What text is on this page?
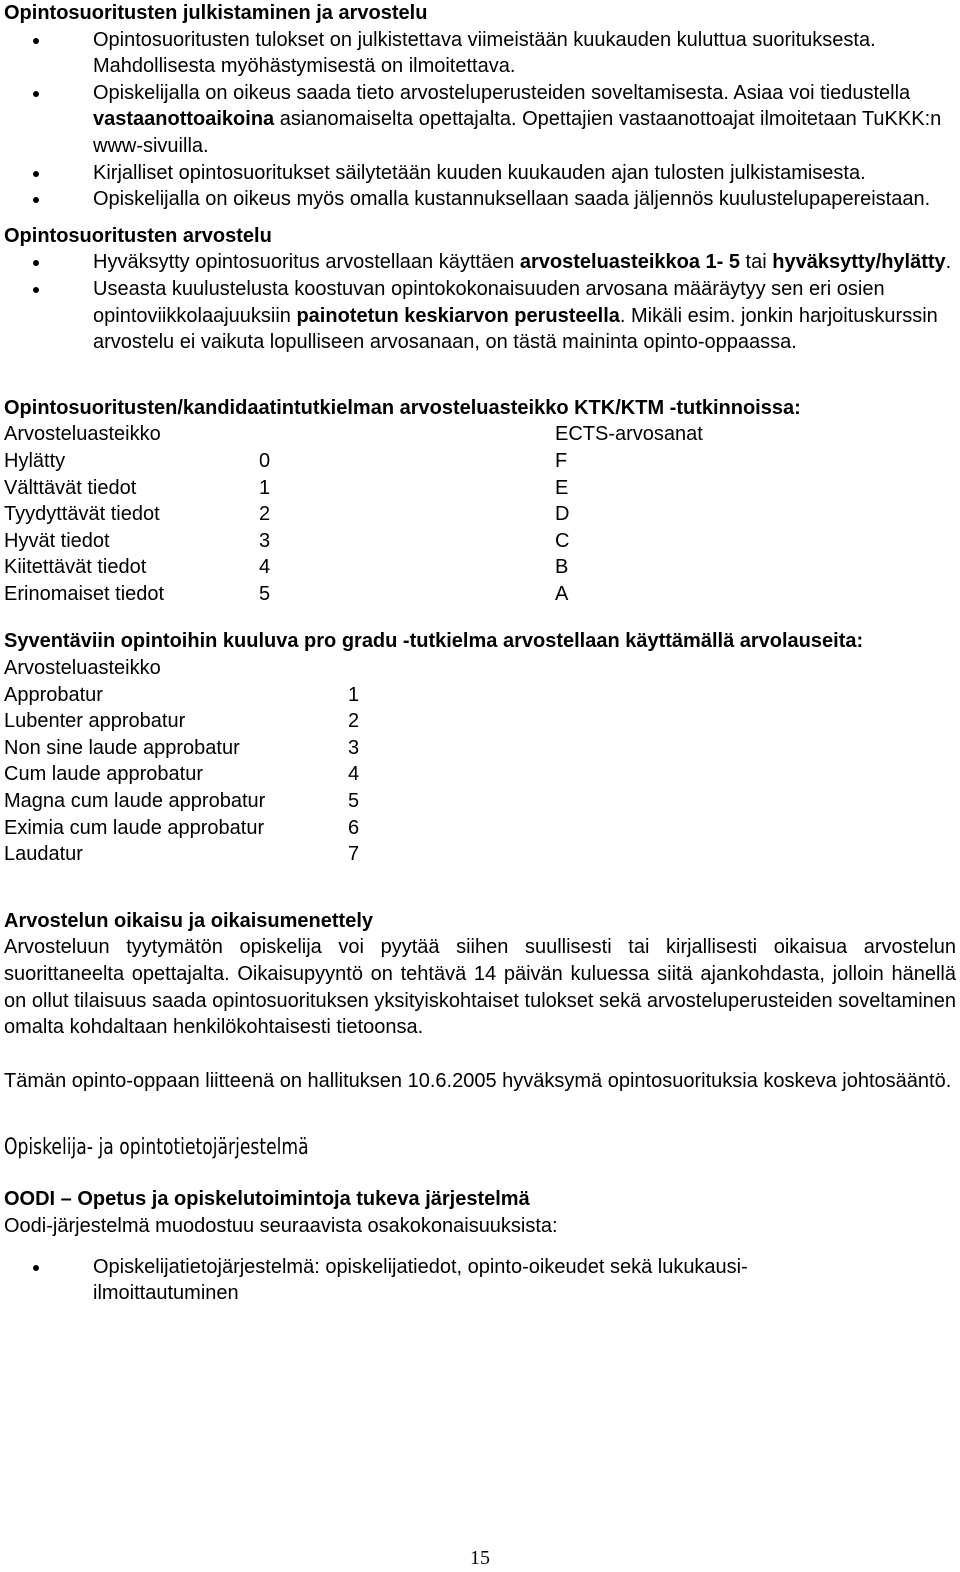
Opintosuoritusten julkistaminen ja arvostelu

Opintosuoritusten tulokset on julkistettava viimeistään kuukauden kuluttua suorituksesta. Mahdollisesta myöhästymisestä on ilmoitettava.
Opiskelijalla on oikeus saada tieto arvosteluperusteiden soveltamisesta. Asiaa voi tiedustella vastaanottoaikoina asianomaiselta opettajalta. Opettajien vastaanottoajat ilmoitetaan TuKKK:n www-sivuilla.
Kirjalliset opintosuoritukset säilytetään kuuden kuukauden ajan tulosten julkistamisesta.
Opiskelijalla on oikeus myös omalla kustannuksellaan saada jäljennös kuulustelupapereistaan.

Opintosuoritusten arvostelu

Hyväksytty opintosuoritus arvostellaan käyttäen arvosteluasteikkoa 1- 5 tai hyväksytty/hylätty.
Useasta kuulustelusta koostuvan opintokokonaisuuden arvosana määräytyy sen eri osien opintoviikkolaajuuksiin painotetun keskiarvon perusteella. Mikäli esim. jonkin harjoituskurssin arvostelu ei vaikuta lopulliseen arvosanaan, on tästä maininta opinto-oppaassa.

Opintosuoritusten/kandidaatintutkielman arvosteluasteikko KTK/KTM -tutkinnoissa:

Arvosteluasteikko	ECTS-arvosanat
Hylätty	0	F
Välttävät tiedot	1	E
Tyydyttävät tiedot	2	D
Hyvät tiedot	3	C
Kiitettävät tiedot	4	B
Erinomaiset tiedot	5	A

Syventäviin opintoihin kuuluva pro gradu -tutkielma arvostellaan käyttämällä arvolauseita:

Arvosteluasteikko

Approbatur	1
Lubenter approbatur	2
Non sine laude approbatur	3
Cum laude approbatur	4
Magna cum laude approbatur	5
Eximia cum laude approbatur	6
Laudatur	7

Arvostelun oikaisu ja oikaisumenettely

Arvosteluun tyytymätön opiskelija voi pyytää siihen suullisesti tai kirjallisesti oikaisua arvostelun suorittaneelta opettajalta. Oikaisupyyntö on tehtävä 14 päivän kuluessa siitä ajankohdasta, jolloin hänellä on ollut tilaisuus saada opintosuorituksen yksityiskohtaiset tulokset sekä arvosteluperusteiden soveltaminen omalta kohdaltaan henkilökohtaisesti tietoonsa.

Tämän opinto-oppaan liitteenä on hallituksen 10.6.2005 hyväksymä opintosuorituksia koskeva johtosääntö.

Opiskelija- ja opintotietojärjestelmä

OODI – Opetus ja opiskelutoimintoja tukeva järjestelmä

Oodi-järjestelmä muodostuu seuraavista osakokonaisuuksista:

Opiskelijatietojärjestelmä: opiskelijatiedot, opinto-oikeudet sekä lukukausi-ilmoittautuminen
15
